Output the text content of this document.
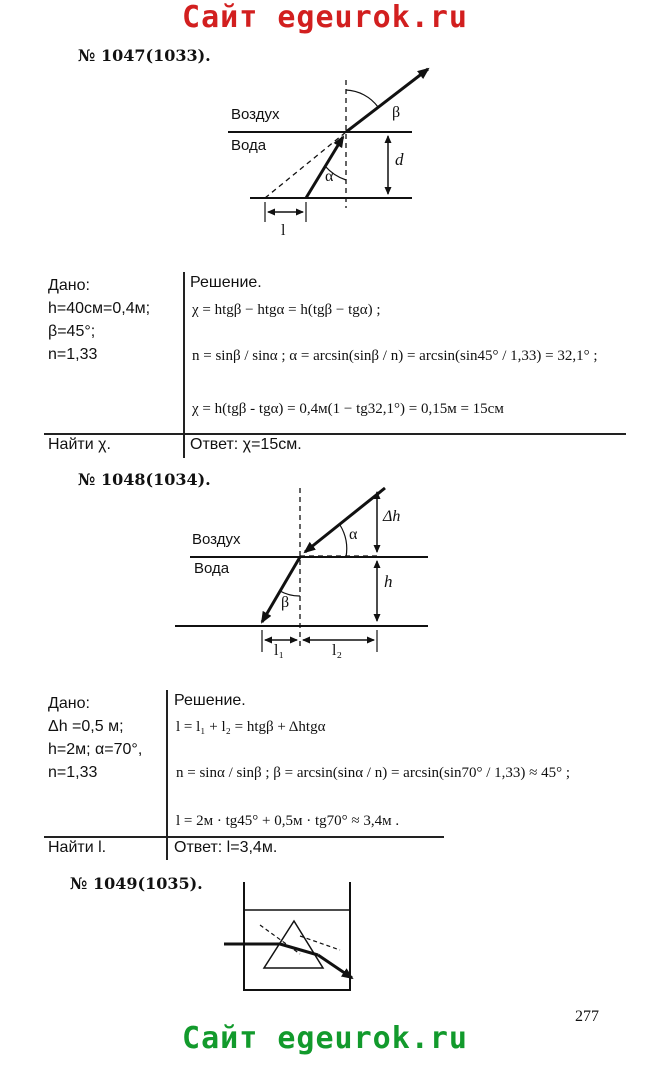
Сайт egeurok.ru
№ 1047(1033).
Воздух
Вода
β
α
d
l
Дано:
h=40см=0,4м;
β=45°;
n=1,33
Найти χ.
Решение.
χ = htgβ − htgα = h(tgβ − tgα) ;
n = sinβ / sinα ; α = arcsin(sinβ / n) = arcsin(sin45° / 1,33) = 32,1° ;
χ = h(tgβ - tgα) = 0,4м(1 − tg32,1°) = 0,15м = 15см
Ответ: χ=15см.
№ 1048(1034).
Воздух
Вода
α
β
Δh
h
l₁	l₂
Дано:
Δh =0,5 м;
h=2м; α=70°,
n=1,33
Найти l.
Решение.
l = l₁ + l₂ = htgβ + Δhtgα
n = sinα / sinβ ; β = arcsin(sinα / n) = arcsin(sin70° / 1,33) ≈ 45° ;
l = 2м · tg45° + 0,5м · tg70° ≈ 3,4м .
Ответ: l=3,4м.
№ 1049(1035).
277
Сайт egeurok.ru
